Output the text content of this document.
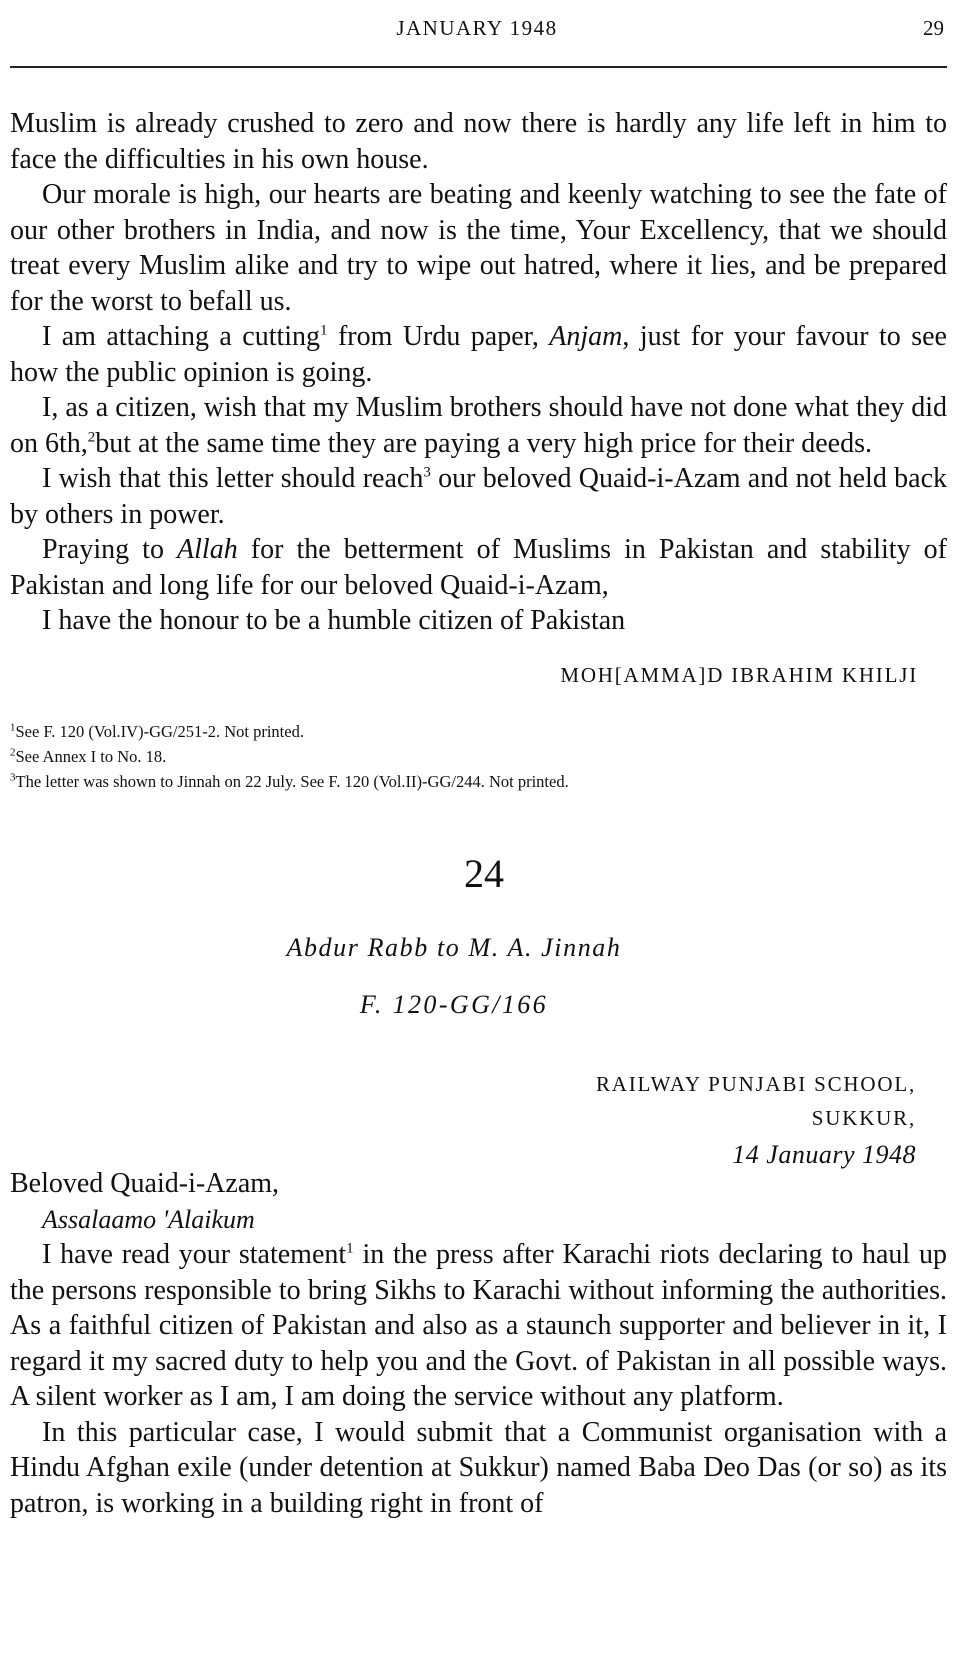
JANUARY 1948	29

Muslim is already crushed to zero and now there is hardly any life left in him to face the difficulties in his own house.

Our morale is high, our hearts are beating and keenly watching to see the fate of our other brothers in India, and now is the time, Your Excellency, that we should treat every Muslim alike and try to wipe out hatred, where it lies, and be prepared for the worst to befall us.

I am attaching a cutting$^1$ from Urdu paper, Anjam, just for your favour to see how the public opinion is going.

I, as a citizen, wish that my Muslim brothers should have not done what they did on 6th,$^2$but at the same time they are paying a very high price for their deeds.

I wish that this letter should reach$^3$ our beloved Quaid-i-Azam and not held back by others in power.

Praying to Allah for the betterment of Muslims in Pakistan and stability of Pakistan and long life for our beloved Quaid-i-Azam,

I have the honour to be a humble citizen of Pakistan

MOH[AMMA]D IBRAHIM KHILJI
$^1$See F. 120 (Vol.IV)-GG/251-2. Not printed.
$^2$See Annex I to No. 18.
$^3$The letter was shown to Jinnah on 22 July. See F. 120 (Vol.II)-GG/244. Not printed.
24
Abdur Rabb to M. A. Jinnah
F. 120-GG/166
RAILWAY PUNJABI SCHOOL,
SUKKUR,
14 January 1948
Beloved Quaid-i-Azam,
Assalaamo 'Alaikum

I have read your statement$^1$ in the press after Karachi riots declaring to haul up the persons responsible to bring Sikhs to Karachi without informing the authorities. As a faithful citizen of Pakistan and also as a staunch supporter and believer in it, I regard it my sacred duty to help you and the Govt. of Pakistan in all possible ways. A silent worker as I am, I am doing the service without any platform.

In this particular case, I would submit that a Communist organisation with a Hindu Afghan exile (under detention at Sukkur) named Baba Deo Das (or so) as its patron, is working in a building right in front of
